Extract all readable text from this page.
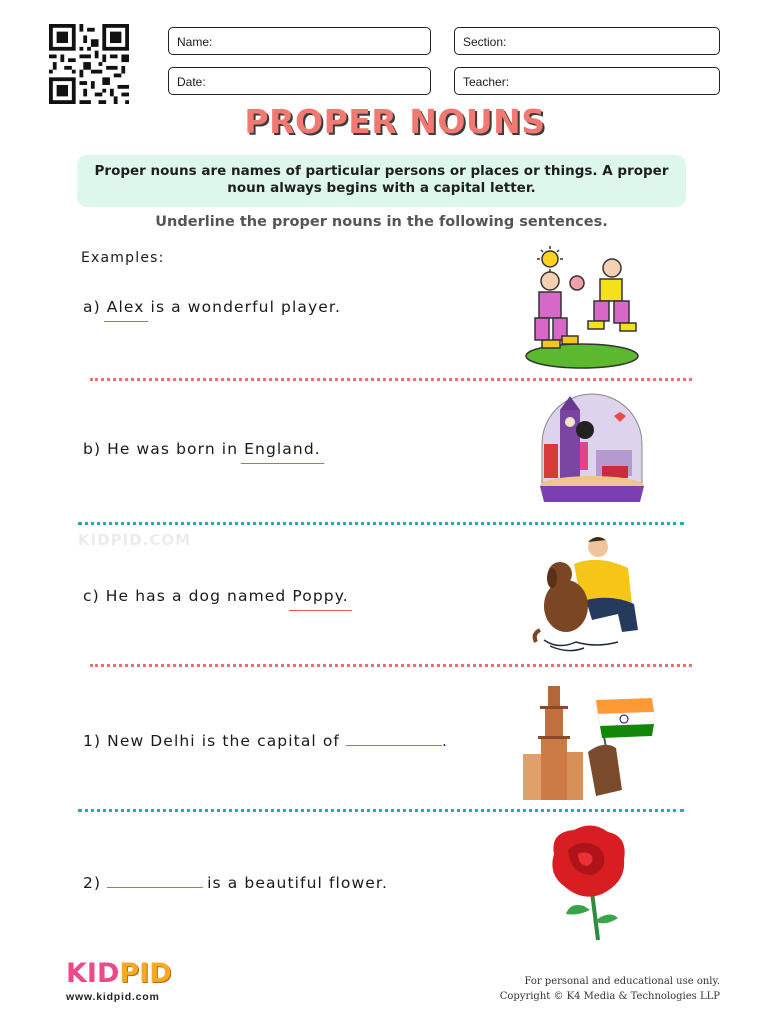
Name:	Section:
Date:	Teacher:
PROPER NOUNS
Proper nouns are names of particular persons or places or things. A proper noun always begins with a capital letter.
Underline the proper nouns in the following sentences.
Examples:
a) Alex is a wonderful player.
b) He was born in England.
KIDPID.COM
c) He has a dog named Poppy.
1) New Delhi is the capital of	.
2)	is a beautiful flower.
KIDPID
www.kidpid.com
For personal and educational use only.
Copyright © K4 Media & Technologies LLP
